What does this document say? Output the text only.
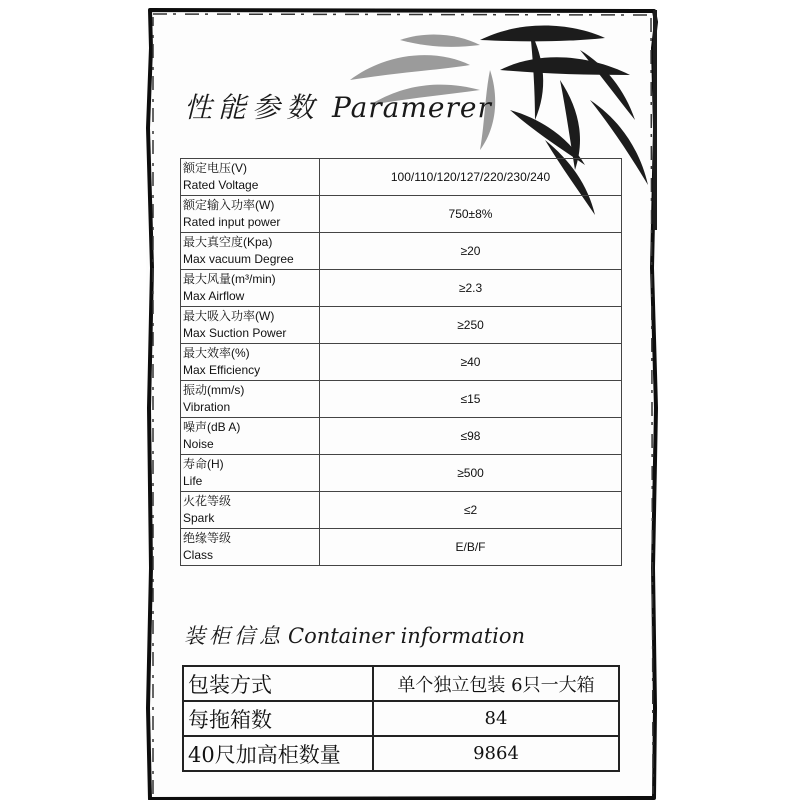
性能参数 Paramerer
额定电压(V)
Rated Voltage	100/110/120/127/220/230/240

额定输入功率(W)
Rated input power	750±8%

最大真空度(Kpa)
Max vacuum Degree	≥20

最大风量(m³/min)
Max Airflow	≥2.3

最大吸入功率(W)
Max Suction Power	≥250

最大效率(%)
Max Efficiency	≥40

振动(mm/s)
Vibration	≤15

噪声(dB A)
Noise	≤98

寿命(H)
Life	≥500

火花等级
Spark	≤2

绝缘等级
Class	E/B/F
装柜信息 Container information
包装方式	单个独立包装 6只一大箱
每拖箱数	84
40尺加高柜数量	9864
